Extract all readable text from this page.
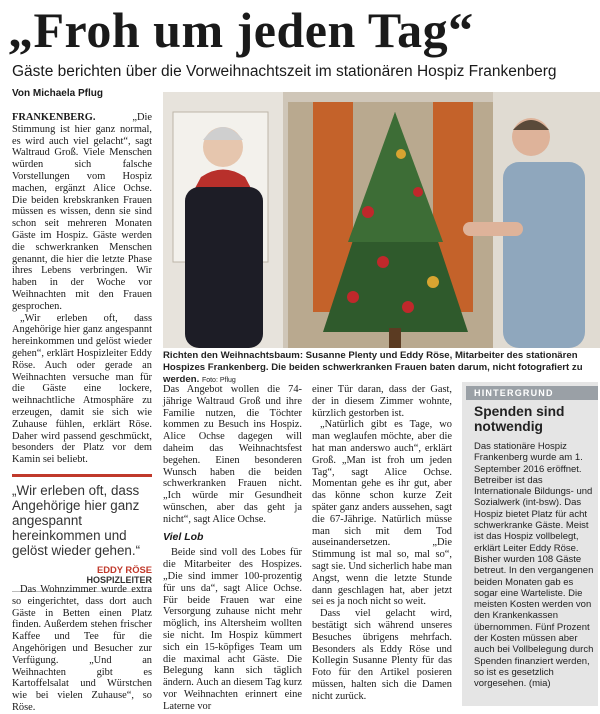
„Froh um jeden Tag“
Gäste berichten über die Vorweihnachtszeit im stationären Hospiz Frankenberg
Von Michaela Pflug

FRANKENBERG.	„Die Stimmung ist hier ganz normal, es wird auch viel gelacht“, sagt Waltraud Groß. Viele Menschen würden sich falsche Vorstellungen vom Hospiz machen, ergänzt Alice Ochse. Die beiden krebskranken Frauen müssen es wissen, denn sie sind schon seit mehreren Monaten Gäste im Hospiz. Gäste werden die schwerkranken Menschen genannt, die hier die letzte Phase ihres Lebens verbringen. Wir haben in der Woche vor Weihnachten mit den Frauen gesprochen.

„Wir erleben oft, dass Angehörige hier ganz angespannt hereinkommen und gelöst wieder gehen“, erklärt Hospizleiter Eddy Röse. Auch oder gerade an Weihnachten versuche man für die Gäste eine lockere, weihnachtliche Atmosphäre zu erzeugen, damit sie sich wie Zuhause fühlen, erklärt Röse. Daher wird passend geschmückt, besonders der Platz vor dem Kamin sei beliebt.

„Wir erleben oft, dass Angehörige hier ganz angespannt hereinkommen und gelöst wieder gehen.“
EDDY RÖSE
HOSPIZLEITER

Das Wohnzimmer wurde extra so eingerichtet, dass dort auch Gäste in Betten einen Platz finden. Außerdem stehen frischer Kaffee und Tee für die Angehörigen und Besucher zur Verfügung. „Und an Weihnachten gibt es Kartoffelsalat und Würstchen wie bei vielen Zuhause“, so Röse.

Richten den Weihnachtsbaum: Susanne Plenty und Eddy Röse, Mitarbeiter des stationären Hospizes Frankenberg. Die beiden schwerkranken Frauen baten darum, nicht fotografiert zu werden. Foto: Pflug

Das Angebot wollen die 74-jährige Waltraud Groß und ihre Familie nutzen, die Töchter kommen zu Besuch ins Hospiz. Alice Ochse dagegen will daheim das Weihnachtsfest begehen. Einen besonderen Wunsch haben die beiden schwerkranken Frauen nicht. „Ich würde mir Gesundheit wünschen, aber das geht ja nicht“, sagt Alice Ochse.

Viel Lob

Beide sind voll des Lobes für die Mitarbeiter des Hospizes. „Die sind immer 100-prozentig für uns da“, sagt Alice Ochse. Für beide Frauen war eine Versorgung zuhause nicht mehr möglich, ins Altersheim wollten sie nicht. Im Hospiz kümmert sich ein 15-köpfiges Team um die maximal acht Gäste. Die Belegung kann sich täglich ändern. Auch an diesem Tag kurz vor Weihnachten erinnert eine Laterne vor

einer Tür daran, dass der Gast, der in diesem Zimmer wohnte, kürzlich gestorben ist.

„Natürlich gibt es Tage, wo man weglaufen möchte, aber die hat man anderswo auch“, erklärt Groß. „Man ist froh um jeden Tag“, sagt Alice Ochse. Momentan gehe es ihr gut, aber das könne schon kurze Zeit später ganz anders aussehen, sagt die 67-Jährige. Natürlich müsse man sich mit dem Tod auseinandersetzen. „Die Stimmung ist mal so, mal so“, sagt sie. Und sicherlich habe man Angst, wenn die letzte Stunde dann geschlagen hat, aber jetzt sei es ja noch nicht so weit.

Dass viel gelacht wird, bestätigt sich während unseres Besuches übrigens mehrfach. Besonders als Eddy Röse und Kollegin Susanne Plenty für das Foto für den Artikel posieren müssen, halten sich die Damen nicht zurück.

HINTERGRUND
Spenden sind notwendig

Das stationäre Hospiz Frankenberg wurde am 1. September 2016 eröffnet. Betreiber ist das Internationale Bildungs- und Sozialwerk (int-bsw). Das Hospiz bietet Platz für acht schwerkranke Gäste. Meist ist das Hospiz vollbelegt, erklärt Leiter Eddy Röse. Bisher wurden 108 Gäste betreut. In den vergangenen beiden Monaten gab es sogar eine Warteliste. Die meisten Kosten werden von den Krankenkassen übernommen. Fünf Prozent der Kosten müssen aber auch bei Vollbelegung durch Spenden finanziert werden, so ist es gesetzlich vorgesehen. (mia)
